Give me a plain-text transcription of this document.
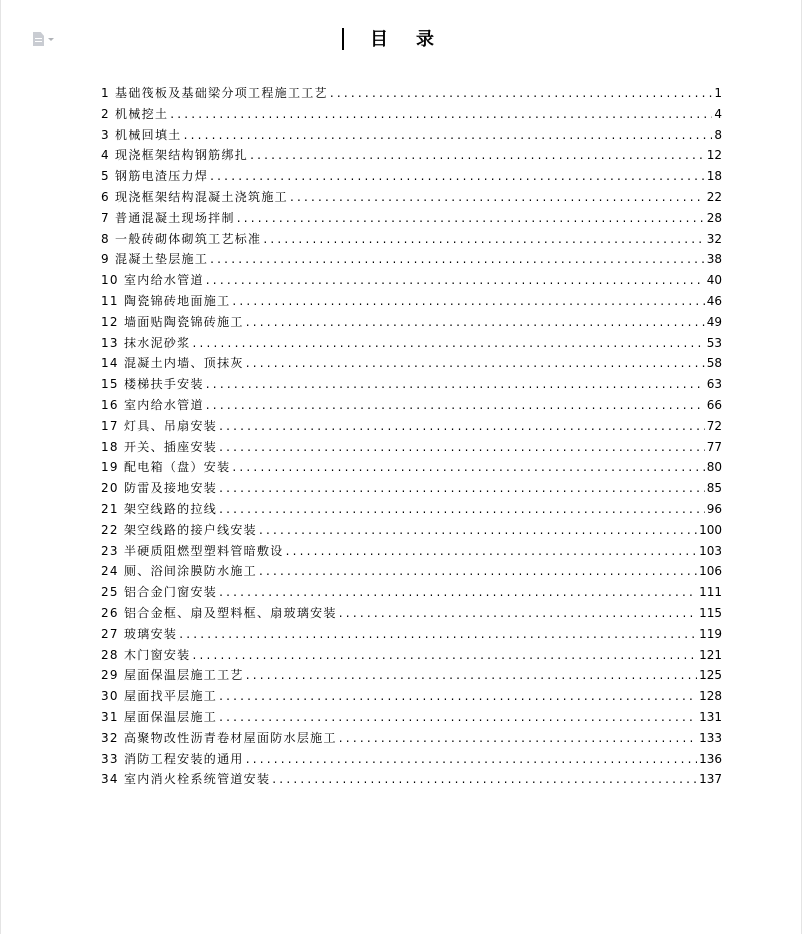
目录
1 基础筏板及基础梁分项工程施工工艺 .....	1
2 机械挖土 .....	4
3 机械回填土 .....	8
4 现浇框架结构钢筋绑扎 .....	12
5 钢筋电渣压力焊 .....	18
6 现浇框架结构混凝土浇筑施工 .....	22
7 普通混凝土现场拌制 .....	28
8 一般砖砌体砌筑工艺标准 .....	32
9 混凝土垫层施工 .....	38
10 室内给水管道 .....	40
11 陶瓷锦砖地面施工 .....	46
12 墙面贴陶瓷锦砖施工 .....	49
13 抹水泥砂浆 .....	53
14 混凝土内墙、顶抹灰 .....	58
15 楼梯扶手安装 .....	63
16 室内给水管道 .....	66
17 灯具、吊扇安装 .....	72
18 开关、插座安装 .....	77
19 配电箱（盘）安装 .....	80
20 防雷及接地安装 .....	85
21 架空线路的拉线 .....	96
22 架空线路的接户线安装 .....	100
23 半硬质阻燃型塑料管暗敷设 .....	103
24 厕、浴间涂膜防水施工 .....	106
25 铝合金门窗安装 .....	111
26 铝合金框、扇及塑料框、扇玻璃安装 .....	115
27 玻璃安装 .....	119
28 木门窗安装 .....	121
29 屋面保温层施工工艺 .....	125
30 屋面找平层施工 .....	128
31 屋面保温层施工 .....	131
32 高聚物改性沥青卷材屋面防水层施工 .....	133
33 消防工程安装的通用 .....	136
34 室内消火栓系统管道安装 .....	137
